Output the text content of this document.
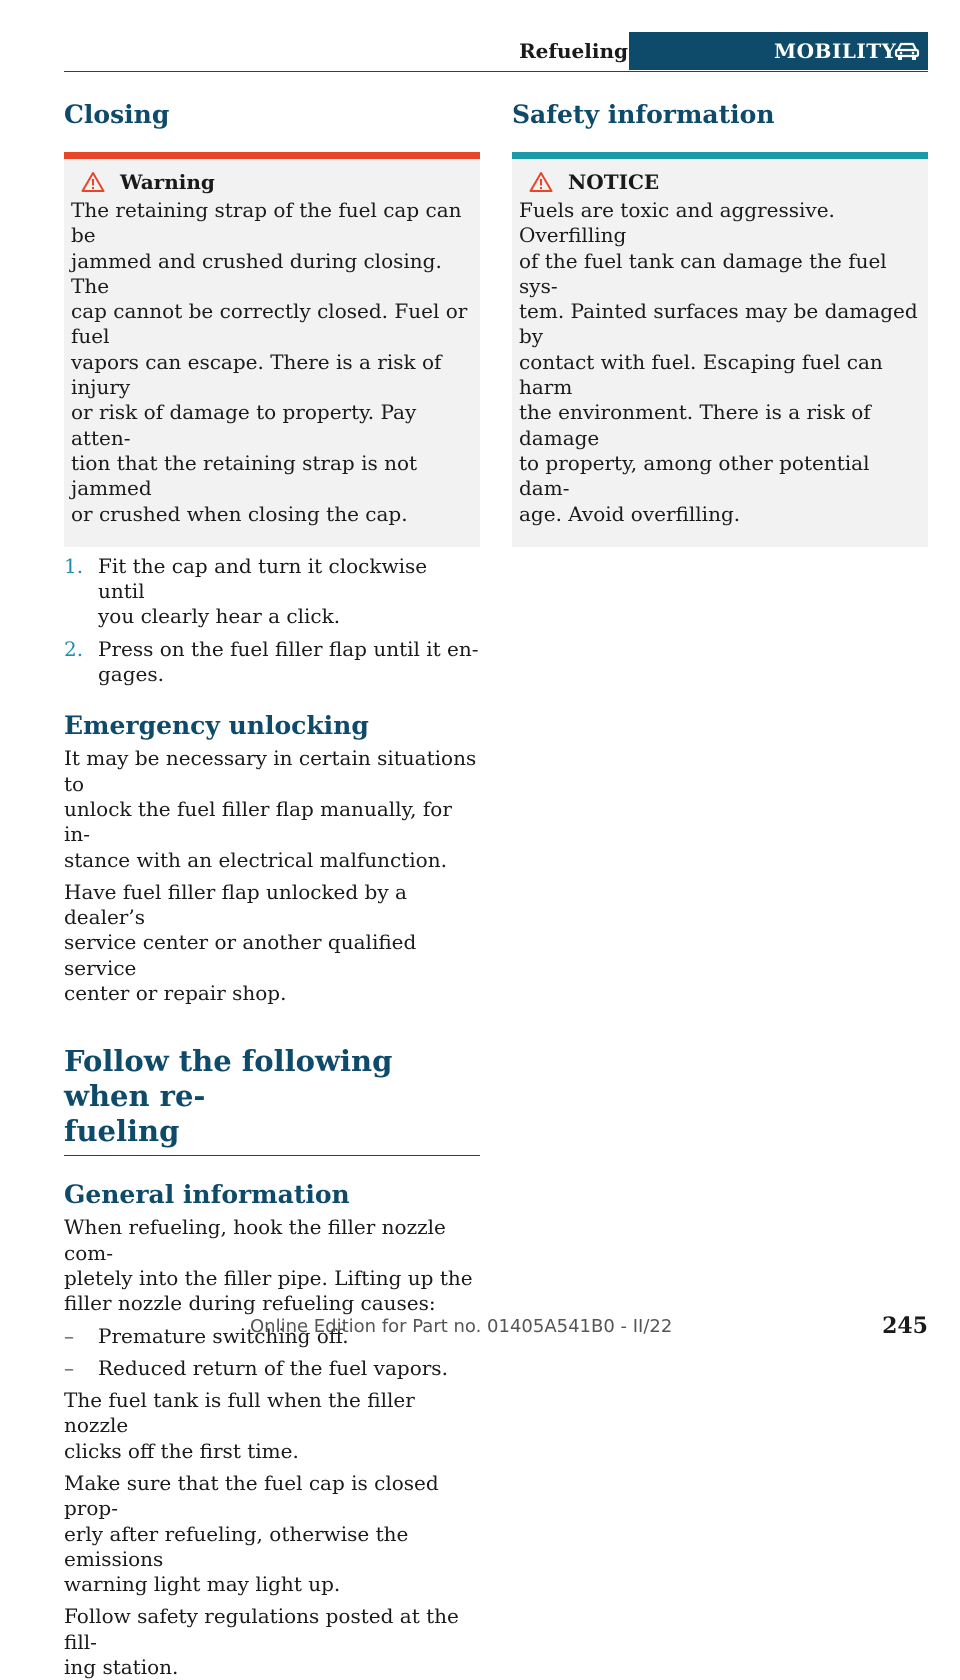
Refueling	MOBILITY
Closing
Warning

The retaining strap of the fuel cap can be
jammed and crushed during closing. The
cap cannot be correctly closed. Fuel or fuel
vapors can escape. There is a risk of injury
or risk of damage to property. Pay atten-
tion that the retaining strap is not jammed
or crushed when closing the cap.

1. Fit the cap and turn it clockwise until
you clearly hear a click.
2. Press on the fuel filler flap until it en-
gages.
Emergency unlocking

It may be necessary in certain situations to
unlock the fuel filler flap manually, for in-
stance with an electrical malfunction.

Have fuel filler flap unlocked by a dealer’s
service center or another qualified service
center or repair shop.

Follow the following when re-
fueling
General information

When refueling, hook the filler nozzle com-
pletely into the filler pipe. Lifting up the
filler nozzle during refueling causes:

– Premature switching off.
– Reduced return of the fuel vapors.

The fuel tank is full when the filler nozzle
clicks off the first time.

Make sure that the fuel cap is closed prop-
erly after refueling, otherwise the emissions
warning light may light up.

Follow safety regulations posted at the fill-
ing station.

Safety information
NOTICE

Fuels are toxic and aggressive. Overfilling
of the fuel tank can damage the fuel sys-
tem. Painted surfaces may be damaged by
contact with fuel. Escaping fuel can harm
the environment. There is a risk of damage
to property, among other potential dam-
age. Avoid overfilling.

Online Edition for Part no. 01405A541B0 - II/22	245
